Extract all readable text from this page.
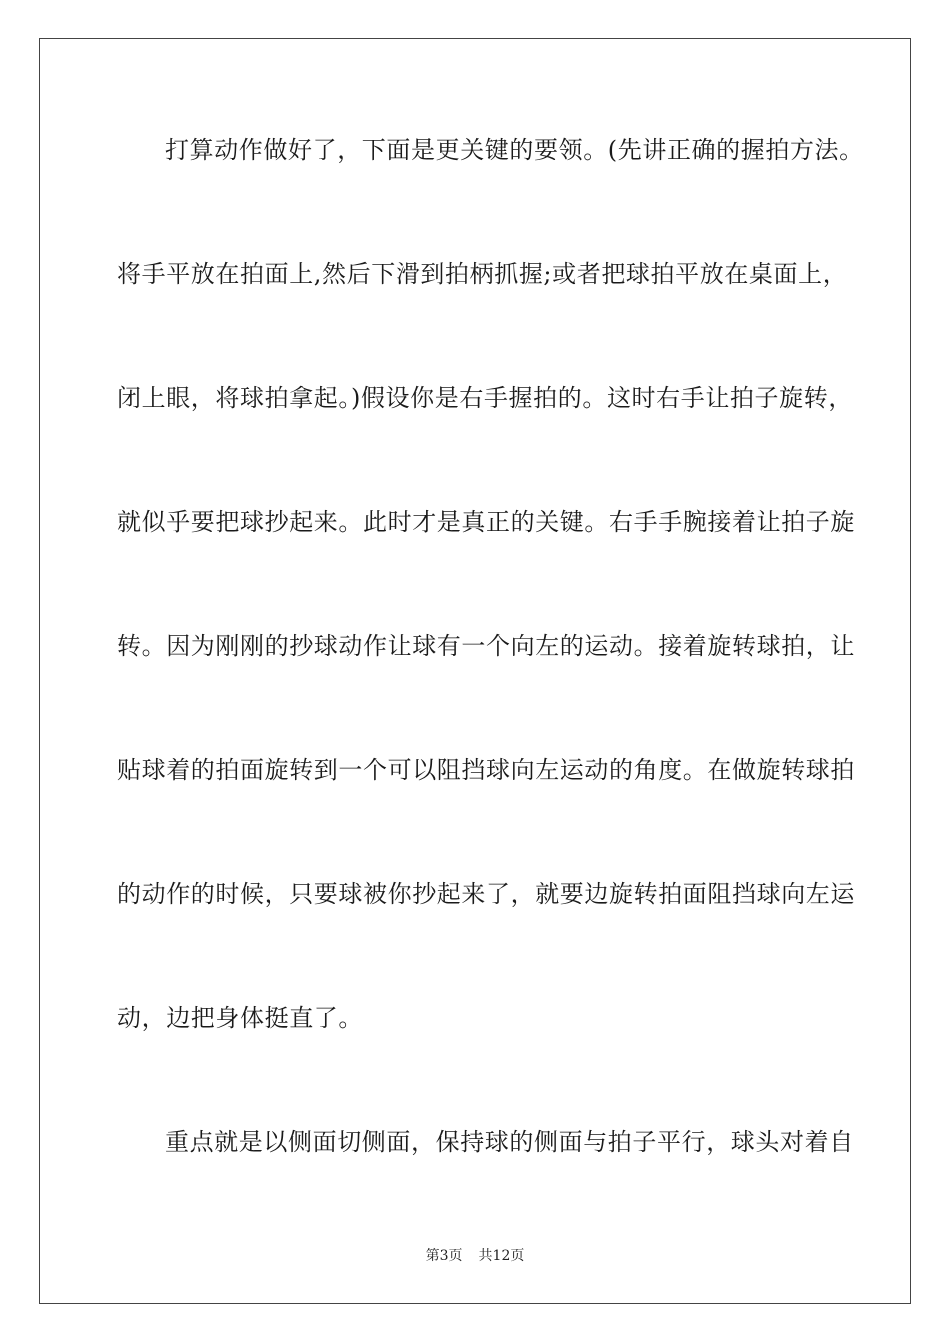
打算动作做好了，下面是更关键的要领。(先讲正确的握拍方法。
将手平放在拍面上,然后下滑到拍柄抓握;或者把球拍平放在桌面上，
闭上眼，将球拍拿起。)假设你是右手握拍的。这时右手让拍子旋转，
就似乎要把球抄起来。此时才是真正的关键。右手手腕接着让拍子旋
转。因为刚刚的抄球动作让球有一个向左的运动。接着旋转球拍，让
贴球着的拍面旋转到一个可以阻挡球向左运动的角度。在做旋转球拍
的动作的时候，只要球被你抄起来了，就要边旋转拍面阻挡球向左运
动，边把身体挺直了。
重点就是以侧面切侧面，保持球的侧面与拍子平行，球头对着自
第3页 共12页
